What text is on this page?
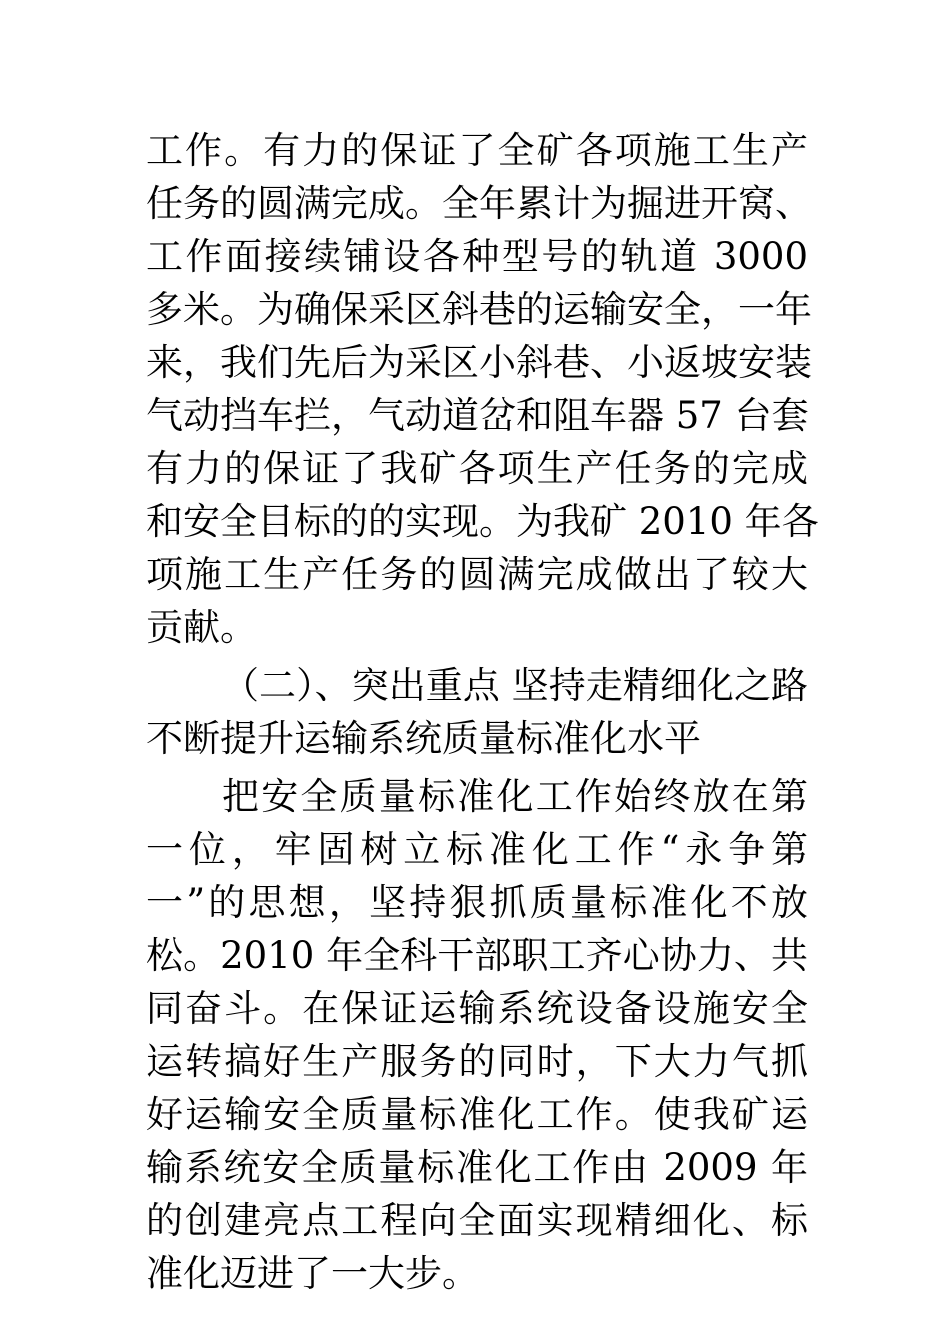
工作。有力的保证了全矿各项施工生产
任务的圆满完成。全年累计为掘进开窝、
工作面接续铺设各种型号的轨道 3000
多米。为确保采区斜巷的运输安全，一年
来，我们先后为采区小斜巷、小返坡安装
气动挡车拦，气动道岔和阻车器 57 台套
有力的保证了我矿各项生产任务的完成
和安全目标的的实现。为我矿 2010 年各
项施工生产任务的圆满完成做出了较大
贡献。
（二）、突出重点 坚持走精细化之路
不断提升运输系统质量标准化水平
把安全质量标准化工作始终放在第
一位，牢固树立标准化工作“永争第
一”的思想，坚持狠抓质量标准化不放
松。2010 年全科干部职工齐心协力、共
同奋斗。在保证运输系统设备设施安全
运转搞好生产服务的同时，下大力气抓
好运输安全质量标准化工作。使我矿运
输系统安全质量标准化工作由 2009 年
的创建亮点工程向全面实现精细化、标
准化迈进了一大步。
